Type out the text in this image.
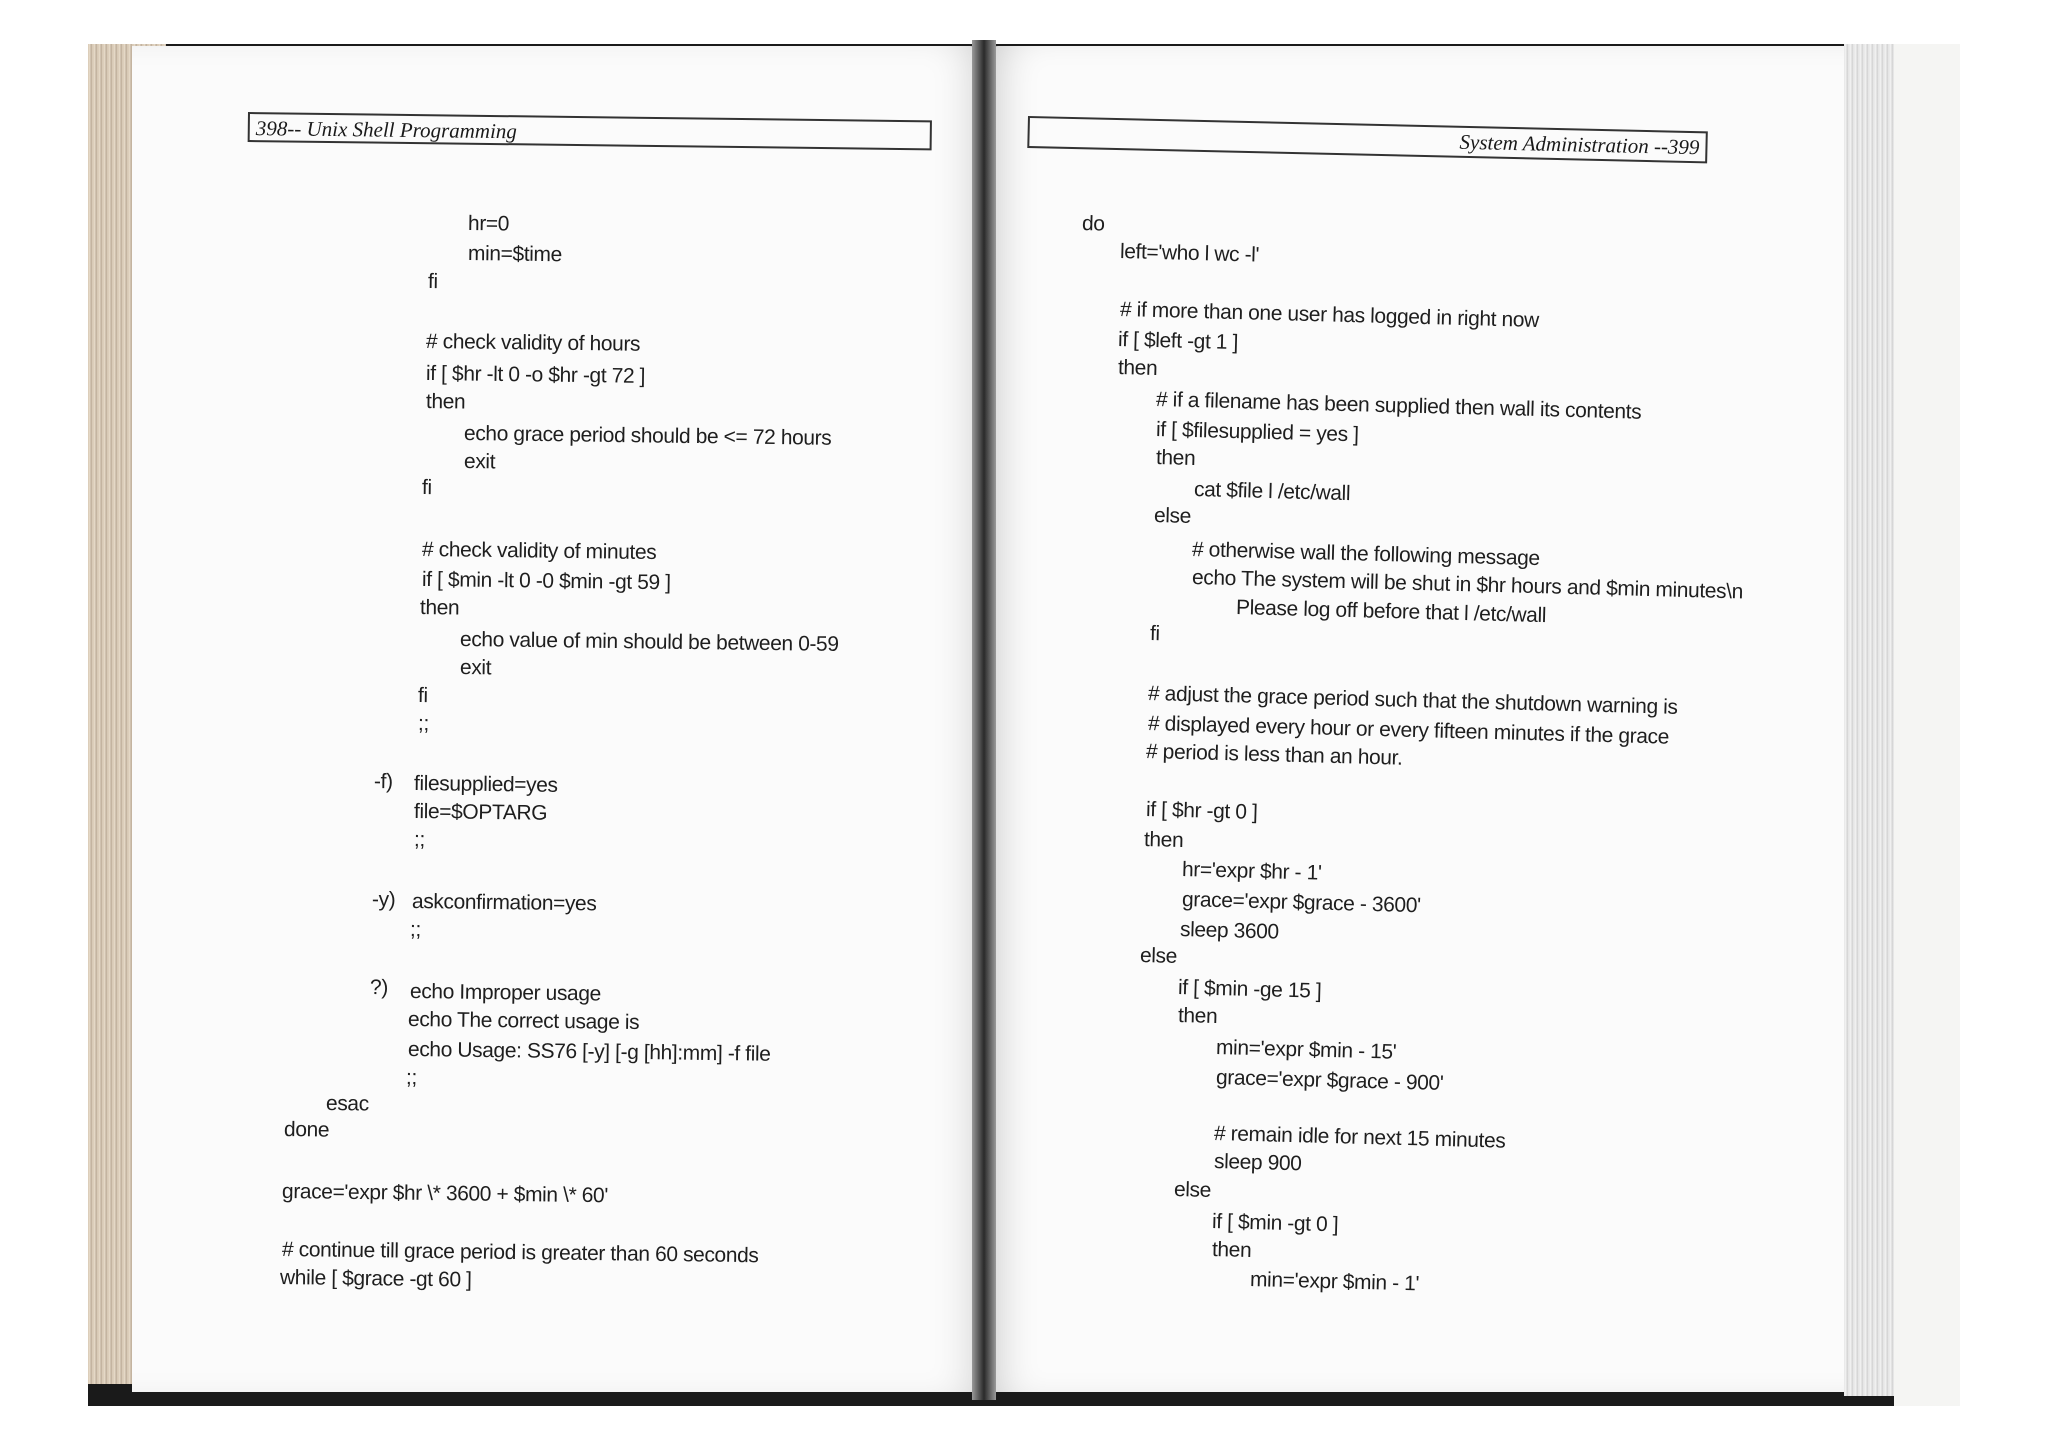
398-- Unix Shell Programming
System Administration --399
hr=0
min=$time
fi
# check validity of hours
if [ $hr -lt 0 -o $hr -gt 72 ]
then
echo grace period should be <= 72 hours
exit
fi
# check validity of minutes
if [ $min -lt 0 -0 $min -gt 59 ]
then
echo value of min should be between 0-59
exit
fi
;;
-f) filesupplied=yes
file=$OPTARG
;;
-y) askconfirmation=yes
;;
?) echo Improper usage
echo The correct usage is
echo Usage: SS76 [-y] [-g [hh]:mm] -f file
;;
esac
done
grace='expr $hr \* 3600 + $min \* 60'
# continue till grace period is greater than 60 seconds
while [ $grace -gt 60 ]
do
left='who l wc -l'
# if more than one user has logged in right now
if [ $left -gt 1 ]
then
# if a filename has been supplied then wall its contents
if [ $filesupplied = yes ]
then
cat $file l /etc/wall
else
# otherwise wall the following message
echo The system will be shut in $hr hours and $min minutes\n
Please log off before that l /etc/wall
fi
# adjust the grace period such that the shutdown warning is
# displayed every hour or every fifteen minutes if the grace
# period is less than an hour.
if [ $hr -gt 0 ]
then
hr='expr $hr - 1'
grace='expr $grace - 3600'
sleep 3600
else
if [ $min -ge 15 ]
then
min='expr $min - 15'
grace='expr $grace - 900'
# remain idle for next 15 minutes
sleep 900
else
if [ $min -gt 0 ]
then
min='expr $min - 1'
